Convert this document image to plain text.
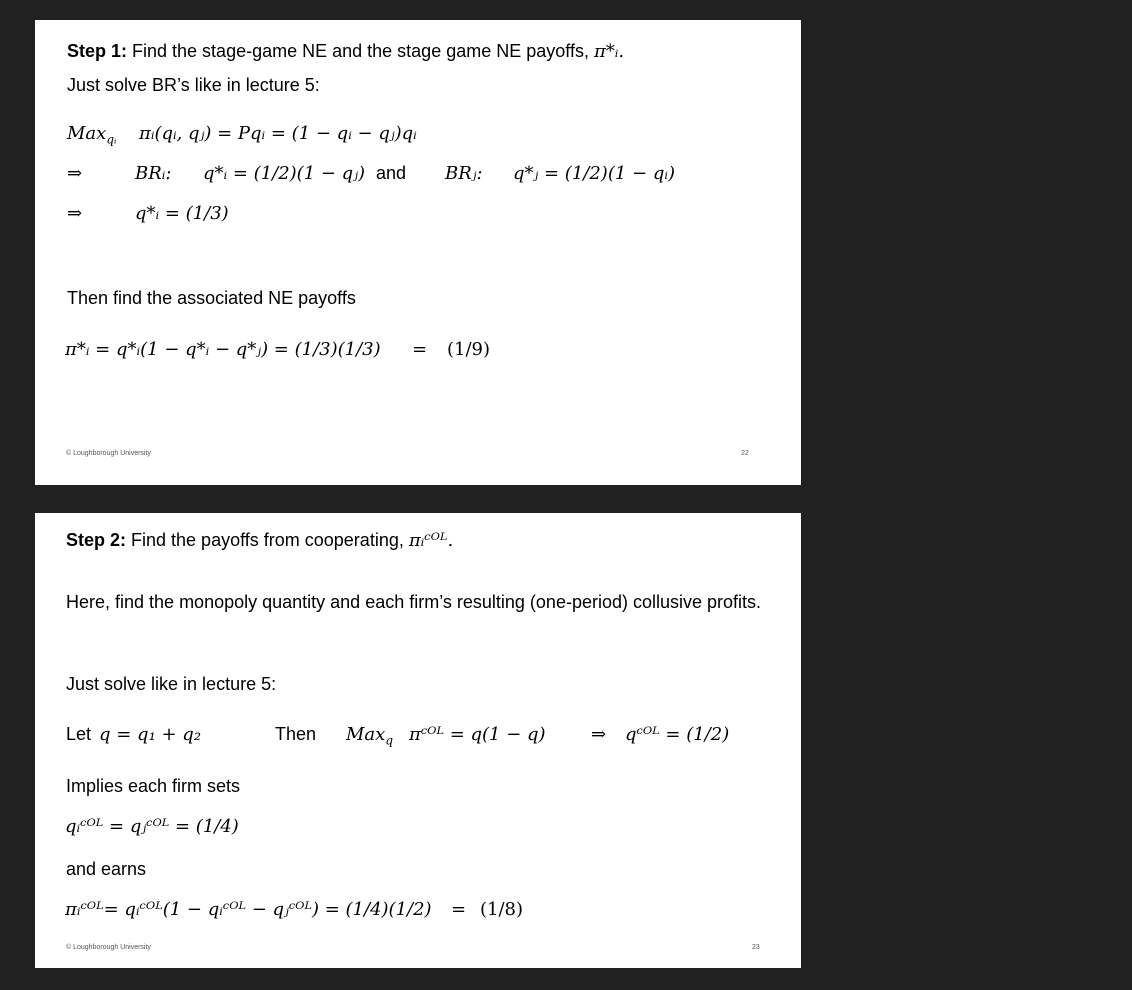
Step 1: Find the stage-game NE and the stage game NE payoffs, π*ᵢ.
Just solve BR’s like in lecture 5:
Max$_{qᵢ}$ πᵢ(qᵢ, qⱼ) = Pqᵢ = (1 − qᵢ − qⱼ)qᵢ
⇒	BRᵢ: q*ᵢ = (1/2)(1 − qⱼ) and BRⱼ: q*ⱼ = (1/2)(1 − qᵢ)
⇒	q*ᵢ = (1/3)
Then find the associated NE payoffs
π*ᵢ = q*ᵢ(1 − q*ᵢ − q*ⱼ) = (1/3)(1/3) = (1/9)
© Loughborough University	22
Step 2: Find the payoffs from cooperating, πᵢᶜᴼᴸ.
Here, find the monopoly quantity and each firm’s resulting (one-period) collusive profits.
Just solve like in lecture 5:
Let q = q₁ + q₂	Then Max$_q$ πᶜᴼᴸ = q(1 − q)	⇒ qᶜᴼᴸ = (1/2)
Implies each firm sets
qᵢᶜᴼᴸ = qⱼᶜᴼᴸ = (1/4)
and earns
πᵢᶜᴼᴸ= qᵢᶜᴼᴸ(1 − qᵢᶜᴼᴸ − qⱼᶜᴼᴸ) = (1/4)(1/2) = (1/8)
© Loughborough University	23
